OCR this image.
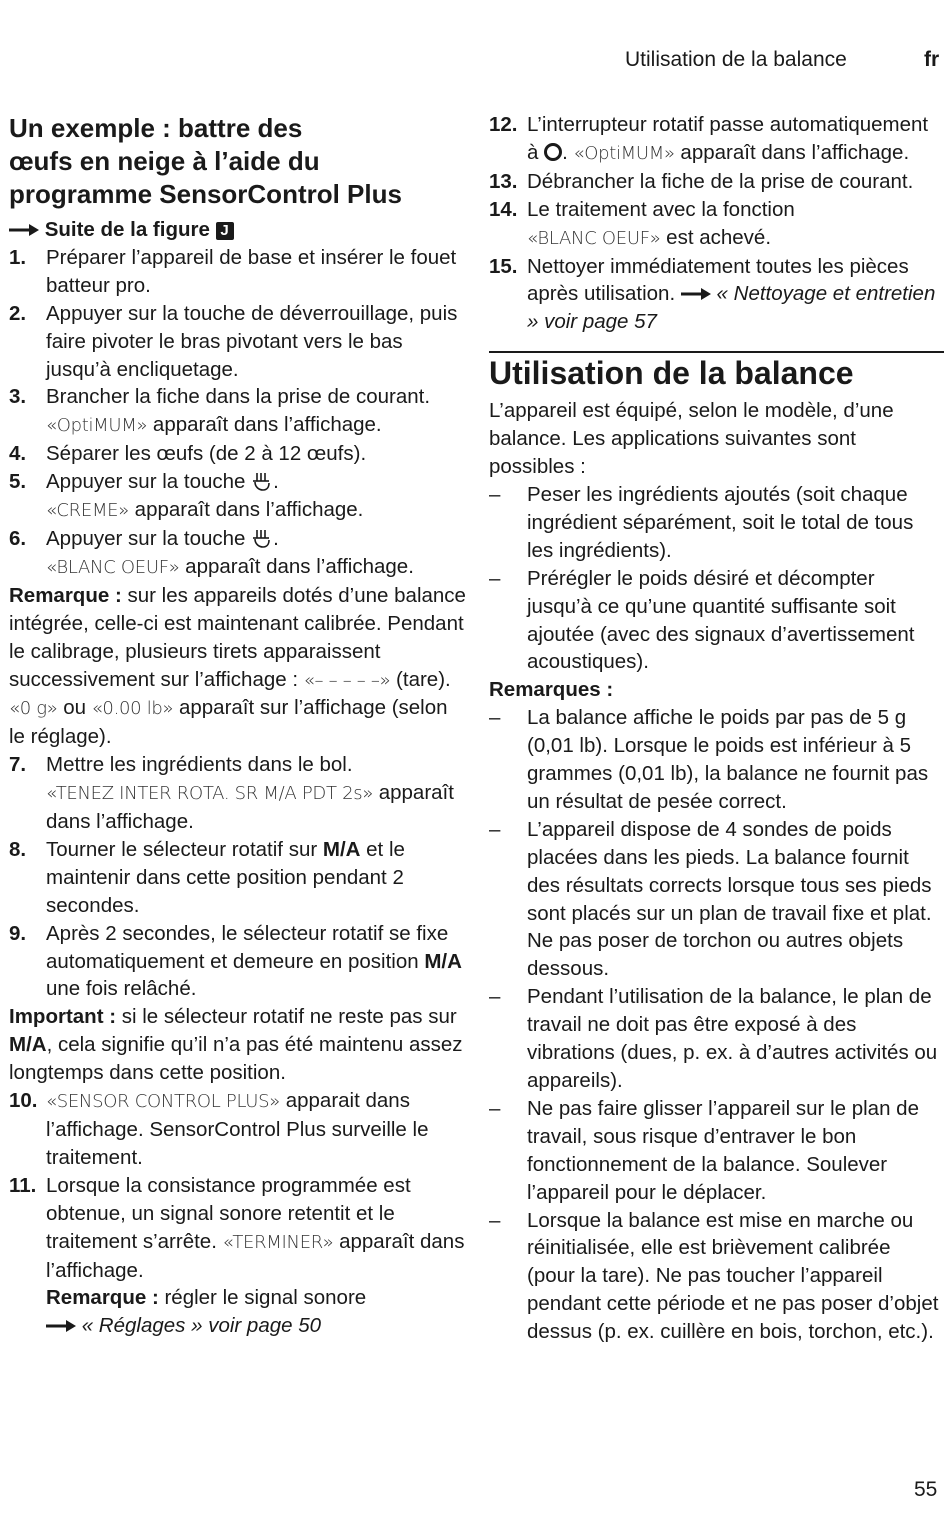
Utilisation de la balance	fr
Un exemple : battre des
œufs en neige à l’aide du
programme SensorControl Plus

Suite de la figure J

1. Préparer l’appareil de base et insérer le fouet batteur pro.
2. Appuyer sur la touche de déverrouillage, puis faire pivoter le bras pivotant vers le bas jusqu’à encliquetage.
3. Brancher la fiche dans la prise de courant. «OptiMUM» apparaît dans l’affichage.
4. Séparer les œufs (de 2 à 12 œufs).
5. Appuyer sur la touche .
«CREME» apparaît dans l’affichage.
6. Appuyer sur la touche .
«BLANC OEUF» apparaît dans l’affichage.

Remarque : sur les appareils dotés d’une balance intégrée, celle-ci est maintenant calibrée. Pendant le calibrage, plusieurs tirets apparaissent successivement sur l’affichage : «– – – – –» (tare). «0 g» ou «0.00 lb» apparaît sur l’affichage (selon le réglage).

7. Mettre les ingrédients dans le bol.
«TENEZ INTER ROTA. SR M/A PDT 2s» apparaît dans l’affichage.
8. Tourner le sélecteur rotatif sur M/A et le maintenir dans cette position pendant 2 secondes.
9. Après 2 secondes, le sélecteur rotatif se fixe automatiquement et demeure en position M/A une fois relâché.

Important : si le sélecteur rotatif ne reste pas sur M/A, cela signifie qu’il n’a pas été maintenu assez longtemps dans cette position.

10. «SENSOR CONTROL PLUS» apparait dans l’affichage. SensorControl Plus surveille le traitement.
11. Lorsque la consistance programmée est obtenue, un signal sonore retentit et le traitement s’arrête. «TERMINER» apparaît dans l’affichage.
Remarque : régler le signal sonore
« Réglages » voir page 50
12. L’interrupteur rotatif passe automatiquement à . «OptiMUM» apparaît dans l’affichage.
13. Débrancher la fiche de la prise de courant.
14. Le traitement avec la fonction
«BLANC OEUF» est achevé.
15. Nettoyer immédiatement toutes les pièces après utilisation.  « Nettoyage et entretien » voir page 57
Utilisation de la balance

L’appareil est équipé, selon le modèle, d’une balance. Les applications suivantes sont possibles :

– Peser les ingrédients ajoutés (soit chaque ingrédient séparément, soit le total de tous les ingrédients).
– Prérégler le poids désiré et décompter jusqu’à ce qu’une quantité suffisante soit ajoutée (avec des signaux d’avertissement acoustiques).

Remarques :

– La balance affiche le poids par pas de 5 g (0,01 lb). Lorsque le poids est inférieur à 5 grammes (0,01 lb), la balance ne fournit pas un résultat de pesée correct.
– L’appareil dispose de 4 sondes de poids placées dans les pieds. La balance fournit des résultats corrects lorsque tous ses pieds sont placés sur un plan de travail fixe et plat. Ne pas poser de torchon ou autres objets dessous.
– Pendant l’utilisation de la balance, le plan de travail ne doit pas être exposé à des vibrations (dues, p. ex. à d’autres activités ou appareils).
– Ne pas faire glisser l’appareil sur le plan de travail, sous risque d’entraver le bon fonctionnement de la balance. Soulever l’appareil pour le déplacer.
– Lorsque la balance est mise en marche ou réinitialisée, elle est brièvement calibrée (pour la tare). Ne pas toucher l’appareil pendant cette période et ne pas poser d’objet dessus (p. ex. cuillère en bois, torchon, etc.).
55
